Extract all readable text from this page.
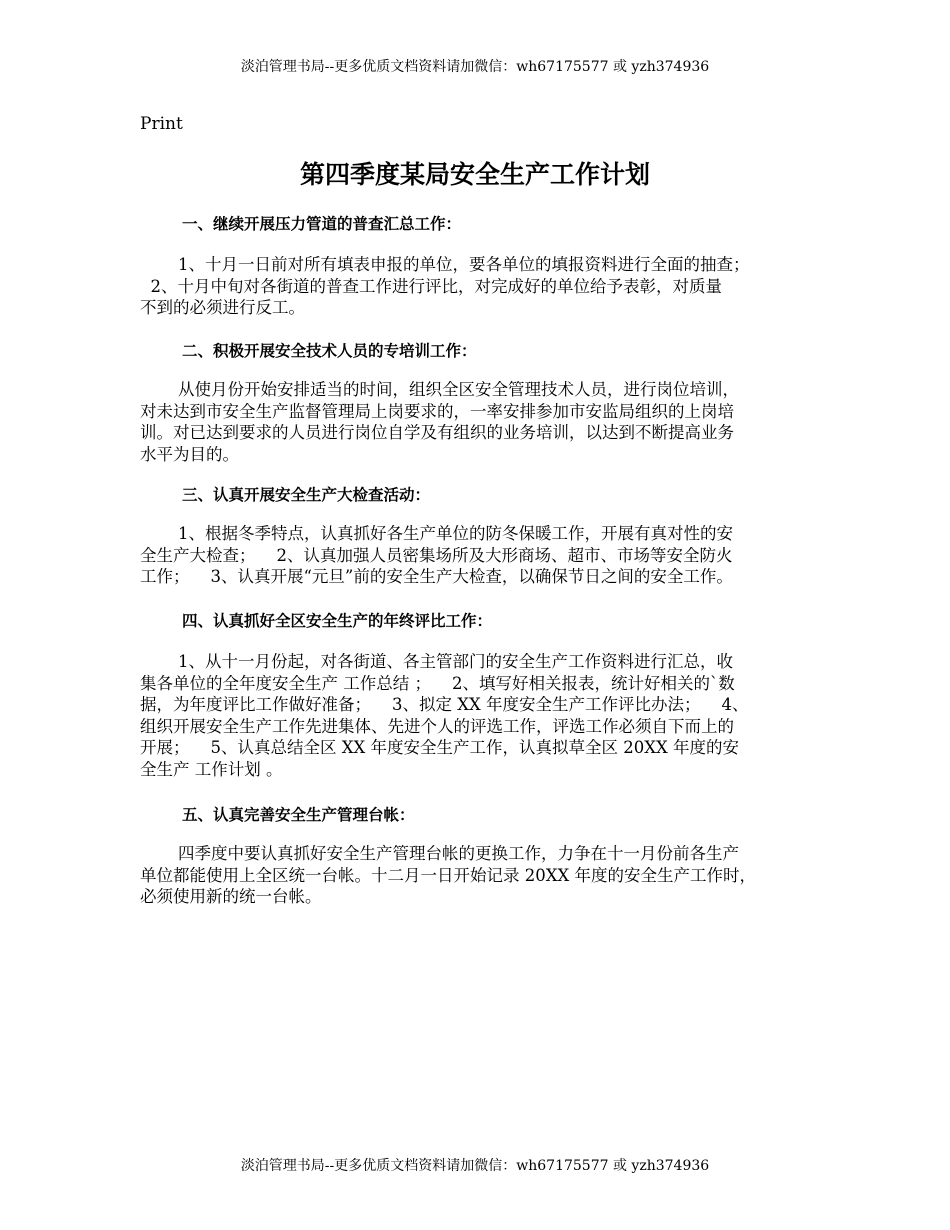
淡泊管理书局--更多优质文档资料请加微信：wh67175577 或 yzh374936
Print
第四季度某局安全生产工作计划
一、继续开展压力管道的普查汇总工作：
1、十月一日前对所有填表申报的单位，要各单位的填报资料进行全面的抽查；
2、十月中旬对各街道的普查工作进行评比，对完成好的单位给予表彰，对质量
不到的必须进行反工。
二、积极开展安全技术人员的专培训工作：
从使月份开始安排适当的时间，组织全区安全管理技术人员，进行岗位培训，
对未达到市安全生产监督管理局上岗要求的，一率安排参加市安监局组织的上岗培
训。对已达到要求的人员进行岗位自学及有组织的业务培训，以达到不断提高业务
水平为目的。
三、认真开展安全生产大检查活动：
1、根据冬季特点，认真抓好各生产单位的防冬保暖工作，开展有真对性的安
全生产大检查；    2、认真加强人员密集场所及大形商场、超市、市场等安全防火
工作；    3、认真开展“元旦”前的安全生产大检查，以确保节日之间的安全工作。
四、认真抓好全区安全生产的年终评比工作：
1、从十一月份起，对各街道、各主管部门的安全生产工作资料进行汇总，收
集各单位的全年度安全生产 工作总结 ；    2、填写好相关报表，统计好相关的`数
据，为年度评比工作做好准备；    3、拟定 XX 年度安全生产工作评比办法；    4、
组织开展安全生产工作先进集体、先进个人的评选工作，评选工作必须自下而上的
开展；    5、认真总结全区 XX 年度安全生产工作，认真拟草全区 20XX 年度的安
全生产 工作计划 。
五、认真完善安全生产管理台帐：
四季度中要认真抓好安全生产管理台帐的更换工作，力争在十一月份前各生产
单位都能使用上全区统一台帐。十二月一日开始记录 20XX 年度的安全生产工作时，
必须使用新的统一台帐。
淡泊管理书局--更多优质文档资料请加微信：wh67175577 或 yzh374936
